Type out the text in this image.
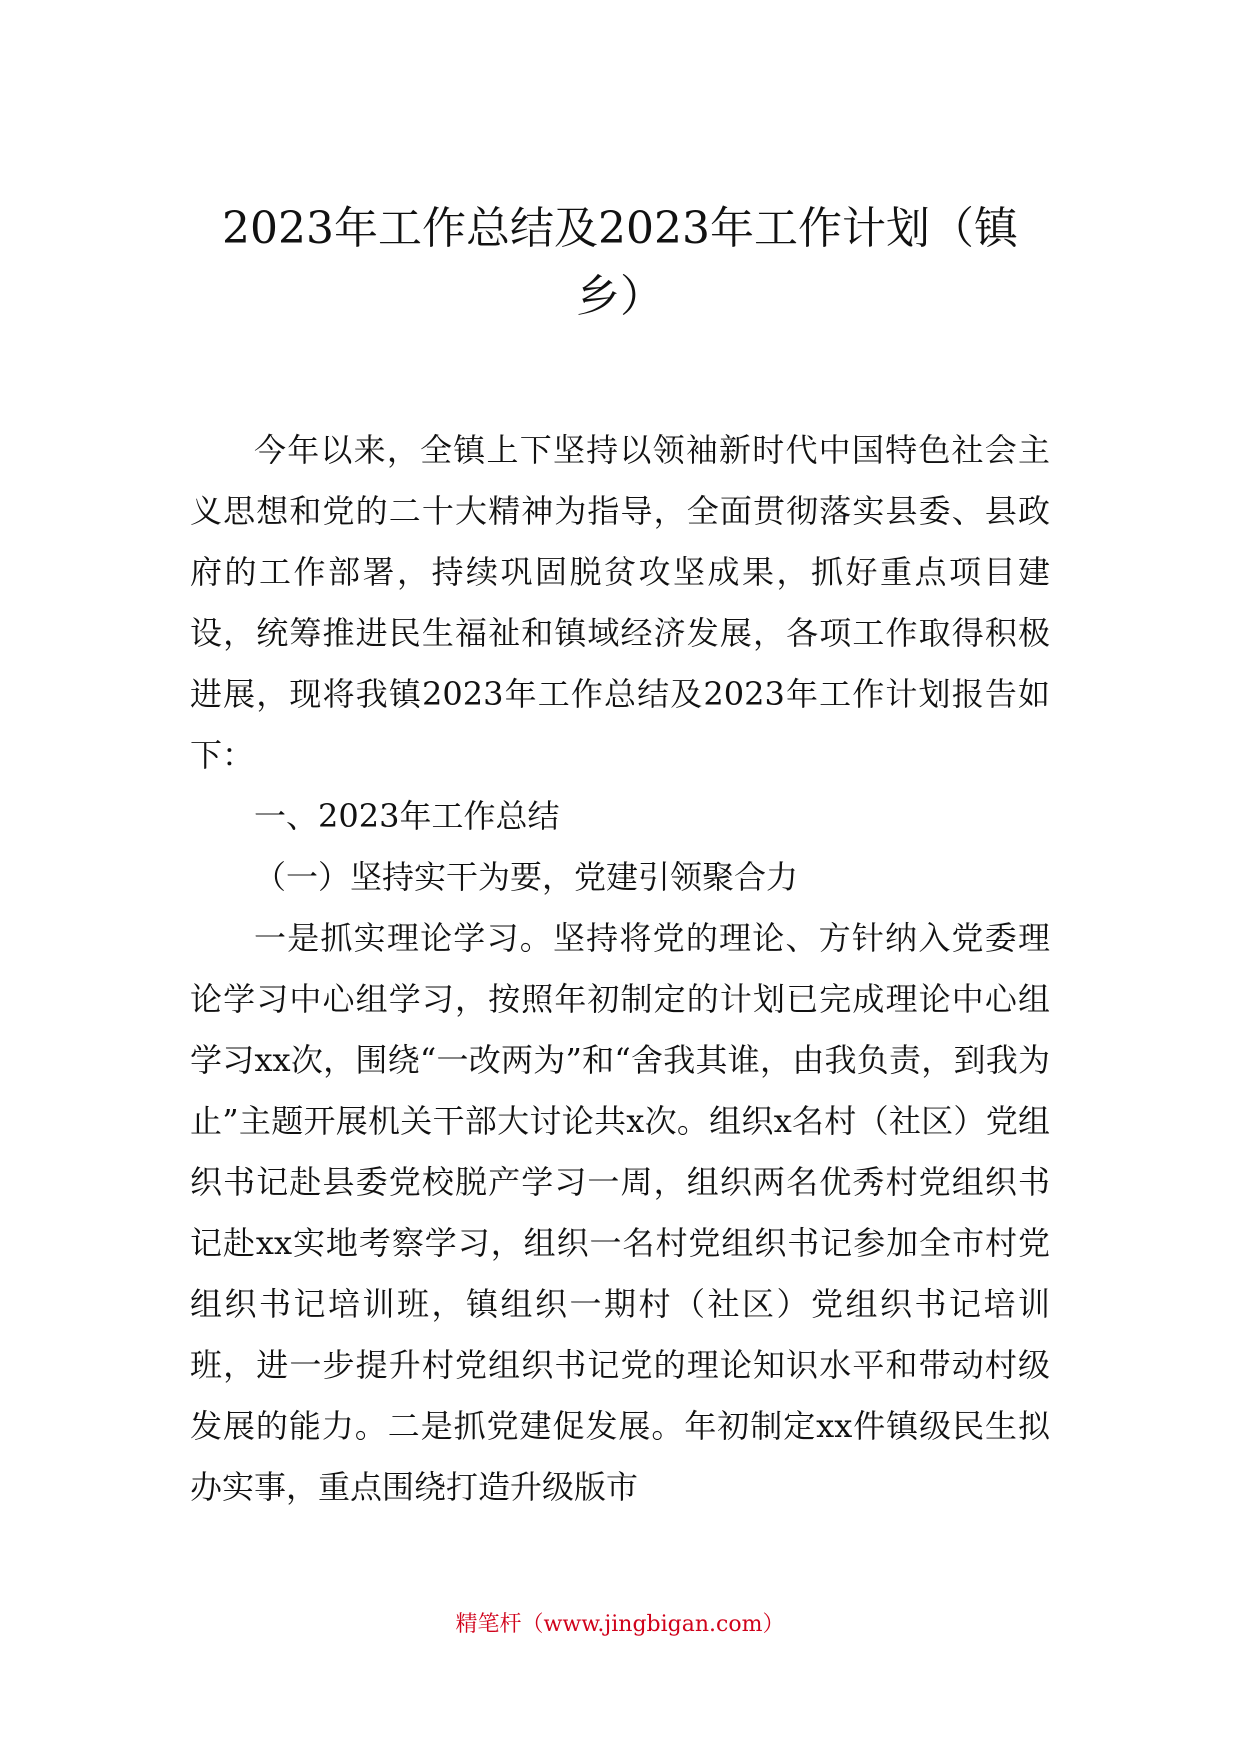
2023年工作总结及2023年工作计划（镇乡）

今年以来，全镇上下坚持以领袖新时代中国特色社会主义思想和党的二十大精神为指导，全面贯彻落实县委、县政府的工作部署，持续巩固脱贫攻坚成果，抓好重点项目建设，统筹推进民生福祉和镇域经济发展，各项工作取得积极进展，现将我镇2023年工作总结及2023年工作计划报告如下：

一、2023年工作总结

（一）坚持实干为要，党建引领聚合力

一是抓实理论学习。坚持将党的理论、方针纳入党委理论学习中心组学习，按照年初制定的计划已完成理论中心组学习xx次，围绕“一改两为”和“舍我其谁，由我负责，到我为止”主题开展机关干部大讨论共x次。组织x名村（社区）党组织书记赴县委党校脱产学习一周，组织两名优秀村党组织书记赴xx实地考察学习，组织一名村党组织书记参加全市村党组织书记培训班，镇组织一期村（社区）党组织书记培训班，进一步提升村党组织书记党的理论知识水平和带动村级发展的能力。二是抓党建促发展。年初制定xx件镇级民生拟办实事，重点围绕打造升级版市

精笔杆（www.jingbigan.com）
